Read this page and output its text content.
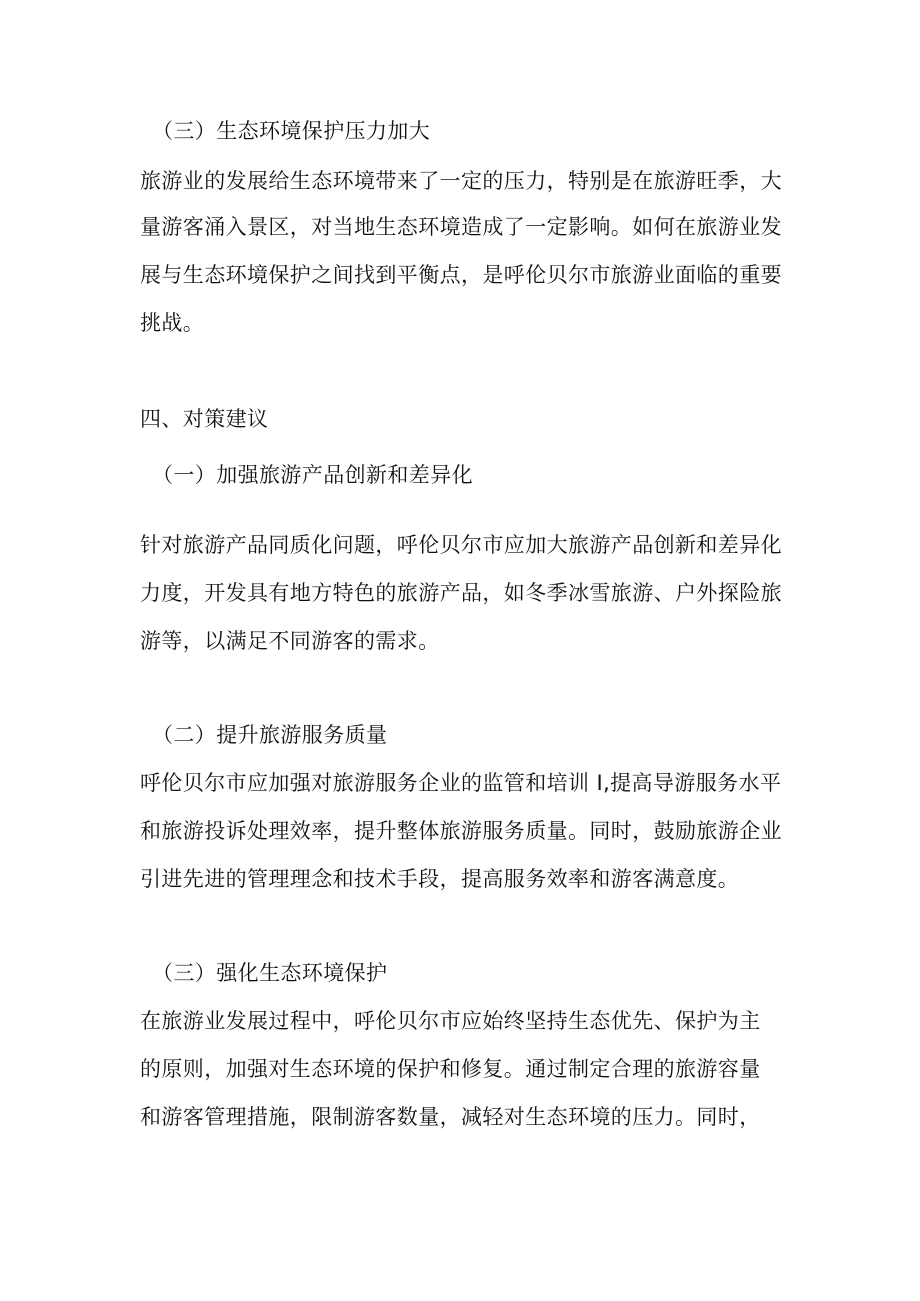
（三）生态环境保护压力加大
旅游业的发展给生态环境带来了一定的压力，特别是在旅游旺季，大
量游客涌入景区，对当地生态环境造成了一定影响。如何在旅游业发
展与生态环境保护之间找到平衡点，是呼伦贝尔市旅游业面临的重要
挑战。
四、对策建议
（一）加强旅游产品创新和差异化
针对旅游产品同质化问题，呼伦贝尔市应加大旅游产品创新和差异化
力度，开发具有地方特色的旅游产品，如冬季冰雪旅游、户外探险旅
游等，以满足不同游客的需求。
（二）提升旅游服务质量
呼伦贝尔市应加强对旅游服务企业的监管和培训 I,提高导游服务水平
和旅游投诉处理效率，提升整体旅游服务质量。同时，鼓励旅游企业
引进先进的管理理念和技术手段，提高服务效率和游客满意度。
（三）强化生态环境保护
在旅游业发展过程中，呼伦贝尔市应始终坚持生态优先、保护为主
的原则，加强对生态环境的保护和修复。通过制定合理的旅游容量
和游客管理措施，限制游客数量，减轻对生态环境的压力。同时，
